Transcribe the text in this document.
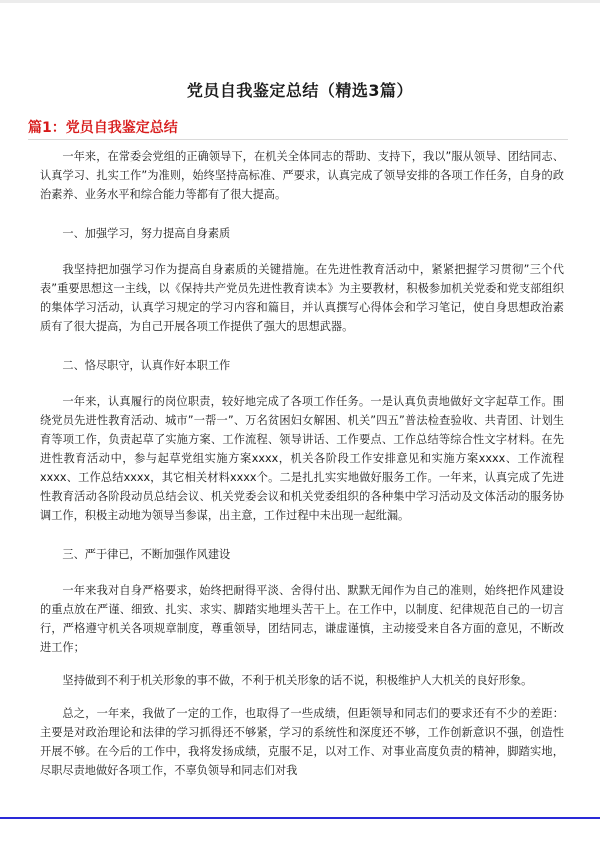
党员自我鉴定总结（精选3篇）
篇1：党员自我鉴定总结

一年来，在常委会党组的正确领导下，在机关全体同志的帮助、支持下，我以”服从领导、团结同志、认真学习、扎实工作”为准则，始终坚持高标准、严要求，认真完成了领导安排的各项工作任务，自身的政治素养、业务水平和综合能力等都有了很大提高。

一、加强学习，努力提高自身素质

我坚持把加强学习作为提高自身素质的关键措施。在先进性教育活动中，紧紧把握学习贯彻”三个代表”重要思想这一主线，以《保持共产党员先进性教育读本》为主要教材，积极参加机关党委和党支部组织的集体学习活动，认真学习规定的学习内容和篇目，并认真撰写心得体会和学习笔记，使自身思想政治素质有了很大提高，为自己开展各项工作提供了强大的思想武器。

二、恪尽职守，认真作好本职工作

一年来，认真履行的岗位职责，较好地完成了各项工作任务。一是认真负责地做好文字起草工作。围绕党员先进性教育活动、城市”一帮一”、万名贫困妇女解困、机关”四五”普法检查验收、共青团、计划生育等项工作，负责起草了实施方案、工作流程、领导讲话、工作要点、工作总结等综合性文字材料。在先进性教育活动中，参与起草党组实施方案xxxx，机关各阶段工作安排意见和实施方案xxxx、工作流程xxxx、工作总结xxxx，其它相关材料xxxx个。二是扎扎实实地做好服务工作。一年来，认真完成了先进性教育活动各阶段动员总结会议、机关党委会议和机关党委组织的各种集中学习活动及文体活动的服务协调工作，积极主动地为领导当参谋，出主意，工作过程中未出现一起纰漏。

三、严于律已，不断加强作风建设

一年来我对自身严格要求，始终把耐得平淡、舍得付出、默默无闻作为自己的准则，始终把作风建设的重点放在严谨、细致、扎实、求实、脚踏实地埋头苦干上。在工作中，以制度、纪律规范自己的一切言行，严格遵守机关各项规章制度，尊重领导，团结同志，谦虚谨慎，主动接受来自各方面的意见，不断改进工作；

坚持做到不利于机关形象的事不做，不利于机关形象的话不说，积极维护人大机关的良好形象。

总之，一年来，我做了一定的工作，也取得了一些成绩，但距领导和同志们的要求还有不少的差距：主要是对政治理论和法律的学习抓得还不够紧，学习的系统性和深度还不够，工作创新意识不强，创造性开展不够。在今后的工作中，我将发扬成绩，克服不足，以对工作、对事业高度负责的精神，脚踏实地，尽职尽责地做好各项工作，不辜负领导和同志们对我
